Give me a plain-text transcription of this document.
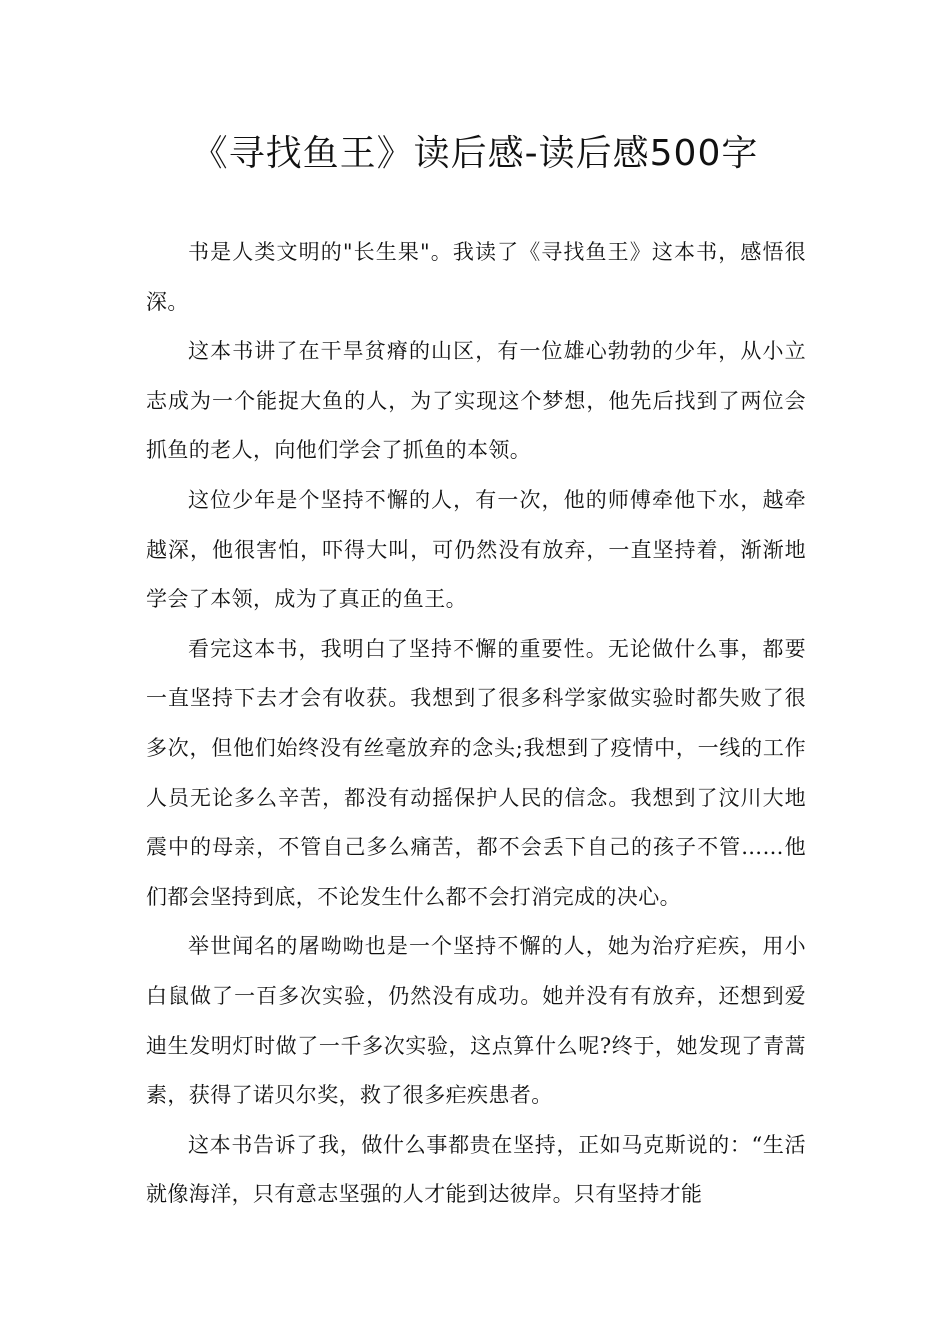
《寻找鱼王》读后感-读后感500字

书是人类文明的"长生果"。我读了《寻找鱼王》这本书，感悟很深。

这本书讲了在干旱贫瘠的山区，有一位雄心勃勃的少年，从小立志成为一个能捉大鱼的人，为了实现这个梦想，他先后找到了两位会抓鱼的老人，向他们学会了抓鱼的本领。

这位少年是个坚持不懈的人，有一次，他的师傅牵他下水，越牵越深，他很害怕，吓得大叫，可仍然没有放弃，一直坚持着，渐渐地学会了本领，成为了真正的鱼王。

看完这本书，我明白了坚持不懈的重要性。无论做什么事，都要一直坚持下去才会有收获。我想到了很多科学家做实验时都失败了很多次，但他们始终没有丝毫放弃的念头;我想到了疫情中，一线的工作人员无论多么辛苦，都没有动摇保护人民的信念。我想到了汶川大地震中的母亲，不管自己多么痛苦，都不会丢下自己的孩子不管……他们都会坚持到底，不论发生什么都不会打消完成的决心。

举世闻名的屠呦呦也是一个坚持不懈的人，她为治疗疟疾，用小白鼠做了一百多次实验，仍然没有成功。她并没有有放弃，还想到爱迪生发明灯时做了一千多次实验，这点算什么呢?终于，她发现了青蒿素，获得了诺贝尔奖，救了很多疟疾患者。

这本书告诉了我，做什么事都贵在坚持，正如马克斯说的：“生活就像海洋，只有意志坚强的人才能到达彼岸。只有坚持才能
